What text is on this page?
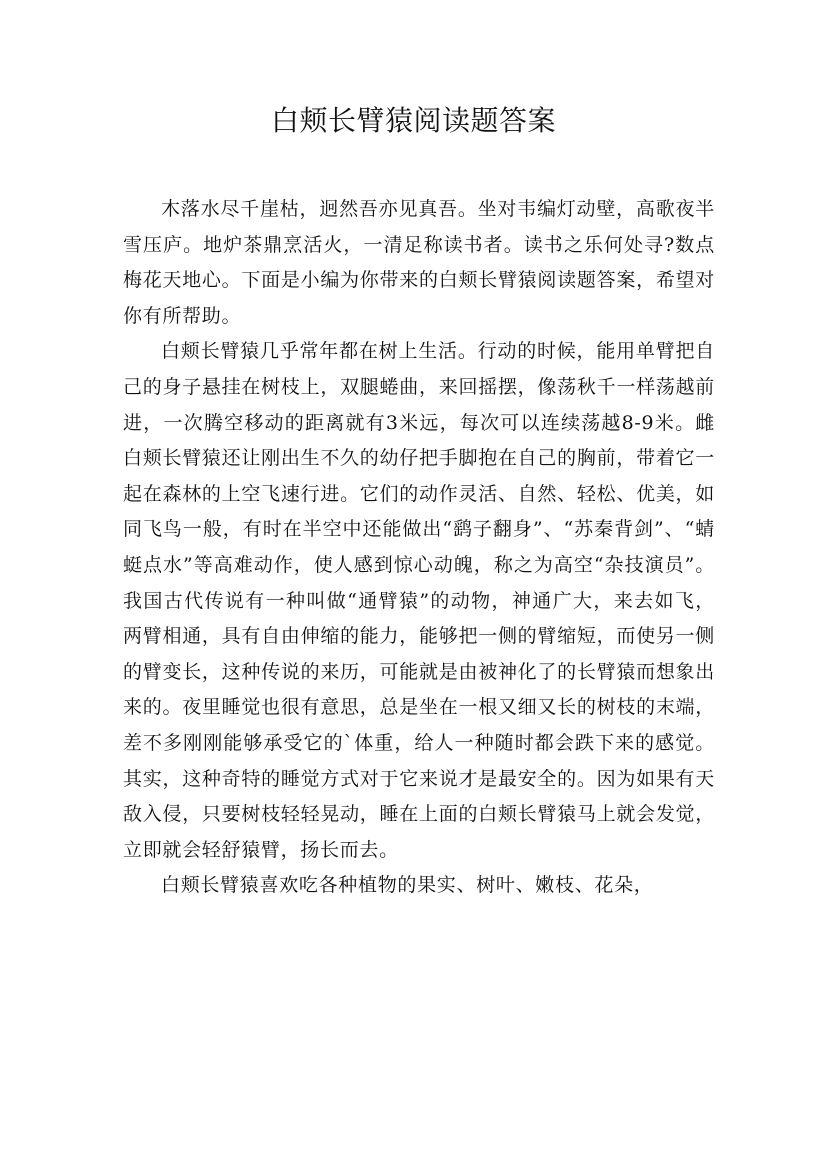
白颊长臂猿阅读题答案

木落水尽千崖枯，迥然吾亦见真吾。坐对韦编灯动壁，高歌夜半雪压庐。地炉茶鼎烹活火，一清足称读书者。读书之乐何处寻?数点梅花天地心。下面是小编为你带来的白颊长臂猿阅读题答案，希望对你有所帮助。

白颊长臂猿几乎常年都在树上生活。行动的时候，能用单臂把自己的身子悬挂在树枝上，双腿蜷曲，来回摇摆，像荡秋千一样荡越前进，一次腾空移动的距离就有3米远，每次可以连续荡越8-9米。雌白颊长臂猿还让刚出生不久的幼仔把手脚抱在自己的胸前，带着它一起在森林的上空飞速行进。它们的动作灵活、自然、轻松、优美，如同飞鸟一般，有时在半空中还能做出“鹞子翻身”、“苏秦背剑”、“蜻蜓点水”等高难动作，使人感到惊心动魄，称之为高空“杂技演员”。我国古代传说有一种叫做“通臂猿”的动物，神通广大，来去如飞，两臂相通，具有自由伸缩的能力，能够把一侧的臂缩短，而使另一侧的臂变长，这种传说的来历，可能就是由被神化了的长臂猿而想象出来的。夜里睡觉也很有意思，总是坐在一根又细又长的树枝的末端，差不多刚刚能够承受它的`体重，给人一种随时都会跌下来的感觉。其实，这种奇特的睡觉方式对于它来说才是最安全的。因为如果有天敌入侵，只要树枝轻轻晃动，睡在上面的白颊长臂猿马上就会发觉，立即就会轻舒猿臂，扬长而去。

白颊长臂猿喜欢吃各种植物的果实、树叶、嫩枝、花朵，
